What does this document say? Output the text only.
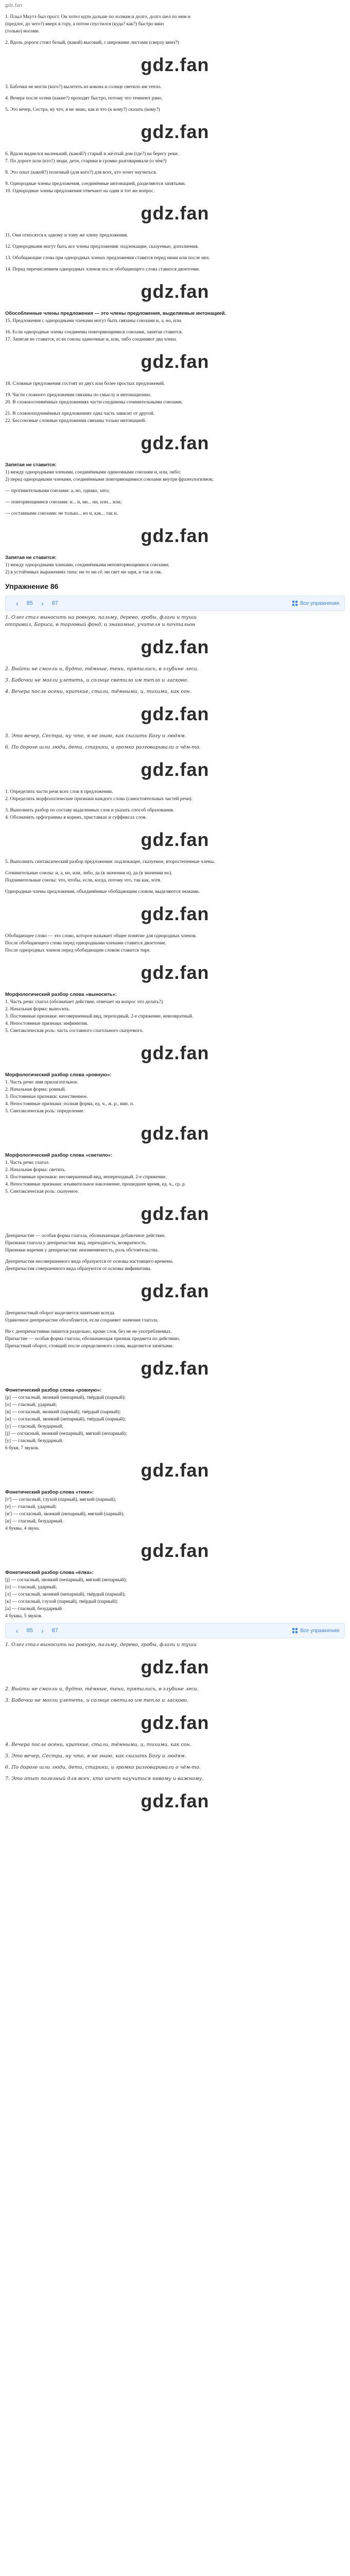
gdz.fan
1. Плыл Мкутэ был прост. Он хотел идти дальше по холмам и долго, долго шел по ним и
(предлог, до чего?) вверх в гору, а потом спустился (куда? как?) быстро вниз
(только) ногами.
2. Вдоль дороги стоял белый, (какой) высокий, с широкими листами (сверху вниз?)
gdz.fan
3. Бабочки не могли (кого?) вылететь из кокона и солнце светило им тепло.
4. Вечера после осени (какие?) проходят быстро, потому что темнеют рано.
5. Это вечер, Сестра, ну что, я не знаю, как и что (к кому?) сказать (кому?)
gdz.fan
6. Вдали виднелся маленький, (какой?) старый и жёлтый дом (где?) на берегу реки.
7. По дороге шли (кто?) люди, дети, старики и громко разговаривали (о чём?)
8. Это опыт (какой?) полезный (для кого?) для всех, кто хочет научиться.
9. Однородные члены предложения, соединённые интонацией, разделяются запятыми.
10. Однородные члены предложения отвечают на один и тот же вопрос.
gdz.fan
11. Они относятся к одному и тому же члену предложения.
12. Однородными могут быть все члены предложения: подлежащие, сказуемые, дополнения.
13. Обобщающие слова при однородных членах предложения ставятся перед ними или после них.
14. Перед перечислением однородных членов после обобщающего слова ставится двоеточие.
gdz.fan
Обособленные члены предложения — это члены предложения, выделяемые интонацией.
15. Предложения с однородными членами могут быть связаны союзами и, а, но, или.
16. Если однородные члены соединены повторяющимися союзами, запятая ставится.
17. Запятая не ставится, если союзы одиночные и, или, либо соединяют два члена.
gdz.fan
18. Сложные предложения состоят из двух или более простых предложений.
19. Части сложного предложения связаны по смыслу и интонационно.
20. В сложносочинённых предложениях части соединены сочинительными союзами.
21. В сложноподчинённых предложениях одна часть зависит от другой.
22. Бессоюзные сложные предложения связаны только интонацией.
gdz.fan
Запятая не ставится:
1) между однородными членами, соединёнными одиночными союзами и, или, либо;
2) перед однородными членами, соединёнными повторяющимися союзами внутри фразеологизмов;
— противительными союзами: а, но, однако, зато;
— повторяющимися союзами: и... и, ни... ни, или... или;
— составными союзами: не только... но и, как... так и.
gdz.fan
Запятая не ставится:
1) между однородными членами, соединёнными неповторяющимися союзами;
2) в устойчивых выражениях типа: ни то ни сё, ни свет ни заря, и так и сяк.
Упражнение 86
‹	85	›	87	Все упражнения
1. Олег стал выносить на ровную, пальму, дерево, гробы, флаги и туши
отправил, Бориса, в торговый фонд, и знакомые, учителя и почтальон
gdz.fan
2. Выйти не смогли и, будто, тёмные, тени, прятались, в глубине леса.
3. Бабочки не могли улететь, и солнце светило им тепло и ласково.
4. Вечера после осени, краткие, стали, тёмными, и, тихими, как сон.
gdz.fan
5. Это вечер, Сестра, ну что, я не знаю, как сказать Богу и людям.
6. По дороге шли люди, дети, старики, и громко разговаривали о чём-то.
gdz.fan
1. Определить части речи всех слов в предложении.
2. Определить морфологические признаки каждого слова (самостоятельных частей речи).
3. Выполнить разбор по составу выделенных слов и указать способ образования.
4. Обозначить орфограммы в корнях, приставках и суффиксах слов.
gdz.fan
5. Выполнить синтаксический разбор предложения: подлежащее, сказуемое, второстепенные члены.
Сочинительные союзы: и, а, но, или, либо, да (в значении и), да (в значении но).
Подчинительные союзы: что, чтобы, если, когда, потому что, так как, хотя.
Однородные члены предложения, объединённые обобщающим словом, выделяются знаками.
gdz.fan
Обобщающее слово — это слово, которое называет общее понятие для однородных членов.
После обобщающего слова перед однородными членами ставится двоеточие.
После однородных членов перед обобщающим словом ставится тире.
gdz.fan
Морфологический разбор слова «выносить»:
1. Часть речи: глагол (обозначает действие, отвечает на вопрос что делать?).
2. Начальная форма: выносить.
3. Постоянные признаки: несовершенный вид, переходный, 2-е спряжение, невозвратный.
4. Непостоянные признаки: инфинитив.
5. Синтаксическая роль: часть составного глагольного сказуемого.
gdz.fan
Морфологический разбор слова «ровную»:
1. Часть речи: имя прилагательное.
2. Начальная форма: ровный.
3. Постоянные признаки: качественное.
4. Непостоянные признаки: полная форма, ед. ч., ж. р., вин. п.
5. Синтаксическая роль: определение.
gdz.fan
Морфологический разбор слова «светило»:
1. Часть речи: глагол.
2. Начальная форма: светить.
3. Постоянные признаки: несовершенный вид, непереходный, 2-е спряжение.
4. Непостоянные признаки: изъявительное наклонение, прошедшее время, ед. ч., ср. р.
5. Синтаксическая роль: сказуемое.
gdz.fan
Деепричастие — особая форма глагола, обозначающая добавочное действие.
Признаки глагола у деепричастия: вид, переходность, возвратность.
Признаки наречия у деепричастия: неизменяемость, роль обстоятельства.
Деепричастия несовершенного вида образуются от основы настоящего времени.
Деепричастия совершенного вида образуются от основы инфинитива.
gdz.fan
Деепричастный оборот выделяется запятыми всегда.
Одиночное деепричастие обособляется, если сохраняет значение глагола.
Не с деепричастиями пишется раздельно, кроме слов, без не не употребляемых.
Причастие — особая форма глагола, обозначающая признак предмета по действию.
Причастный оборот, стоящий после определяемого слова, выделяется запятыми.
gdz.fan
Фонетический разбор слова «ровную»:
[р] — согласный, звонкий (непарный), твёрдый (парный);
[о] — гласный, ударный;
[в] — согласный, звонкий (парный), твёрдый (парный);
[н] — согласный, звонкий (непарный), твёрдый (парный);
[у] — гласный, безударный;
[j] — согласный, звонкий (непарный), мягкий (непарный);
[у] — гласный, безударный.
6 букв, 7 звуков.
gdz.fan
Фонетический разбор слова «тени»:
[т'] — согласный, глухой (парный), мягкий (парный);
[е] — гласный, ударный;
[н'] — согласный, звонкий (непарный), мягкий (парный);
[и] — гласный, безударный.
4 буквы, 4 звука.
gdz.fan
Фонетический разбор слова «ёлка»:
[j] — согласный, звонкий (непарный), мягкий (непарный);
[о] — гласный, ударный;
[л] — согласный, звонкий (непарный), твёрдый (парный);
[к] — согласный, глухой (парный), твёрдый (парный);
[а] — гласный, безударный.
4 буквы, 5 звуков.
‹	85	›	87	Все упражнения
1. Олег стал выносить на ровную, пальму, дерево, гробы, флаги и туши
gdz.fan
2. Выйти не смогли и, будто, тёмные, тени, прятались, в глубине леса.
3. Бабочки не могли улететь, и солнце светило им тепло и ласково.
gdz.fan
4. Вечера после осени, краткие, стали, тёмными, и, тихими, как сон.
5. Это вечер, Сестра, ну что, я не знаю, как сказать Богу и людям.
6. По дороге шли люди, дети, старики, и громко разговаривали о чём-то.
7. Это опыт полезный для всех, кто хочет научиться новому и важному.
gdz.fan
